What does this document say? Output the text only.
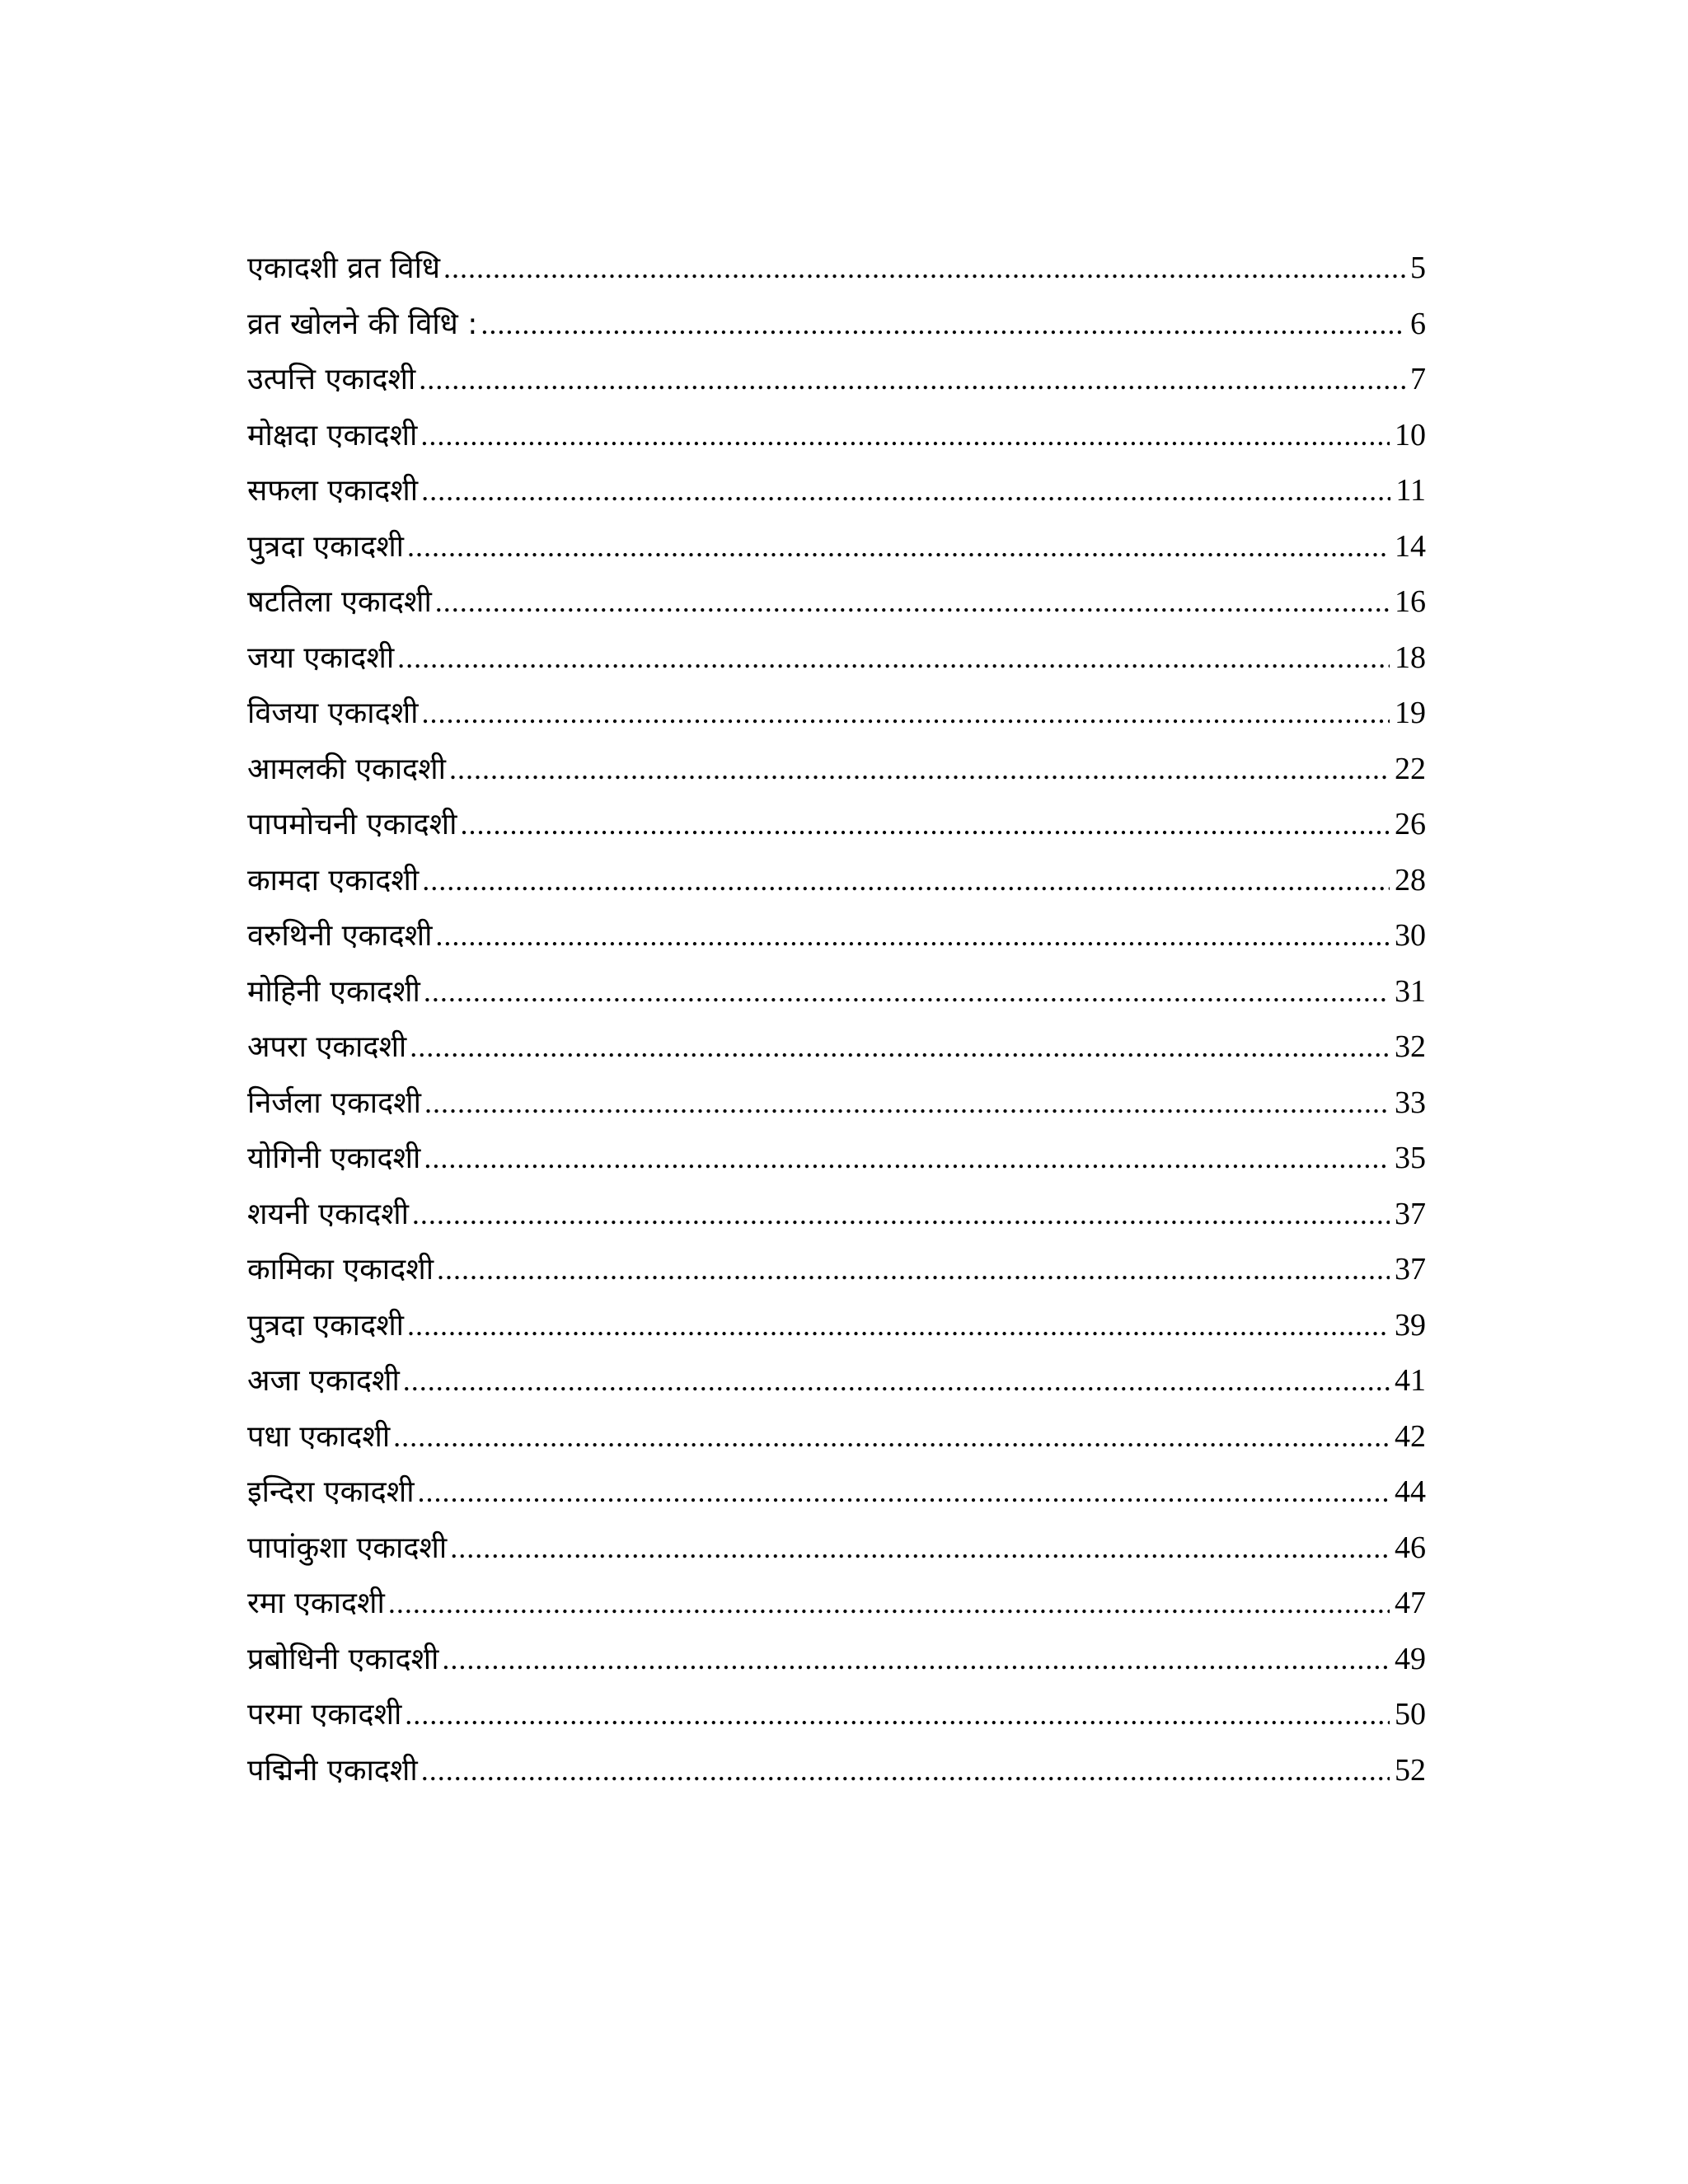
एकादशी व्रत विधि .....	5
व्रत खोलने की विधि : .....	6
उत्पत्ति एकादशी .....	7
मोक्षदा एकादशी .....	10
सफला एकादशी .....	11
पुत्रदा एकादशी .....	14
षटतिला एकादशी .....	16
जया एकादशी .....	18
विजया एकादशी .....	19
आमलकी एकादशी .....	22
पापमोचनी एकादशी .....	26
कामदा एकादशी .....	28
वरुथिनी एकादशी .....	30
मोहिनी एकादशी .....	31
अपरा एकादशी .....	32
निर्जला एकादशी .....	33
योगिनी एकादशी .....	35
शयनी एकादशी .....	37
कामिका एकादशी .....	37
पुत्रदा एकादशी .....	39
अजा एकादशी .....	41
पधा एकादशी .....	42
इन्दिरा एकादशी .....	44
पापांकुशा एकादशी .....	46
रमा एकादशी .....	47
प्रबोधिनी एकादशी .....	49
परमा एकादशी .....	50
पद्मिनी एकादशी .....	52
